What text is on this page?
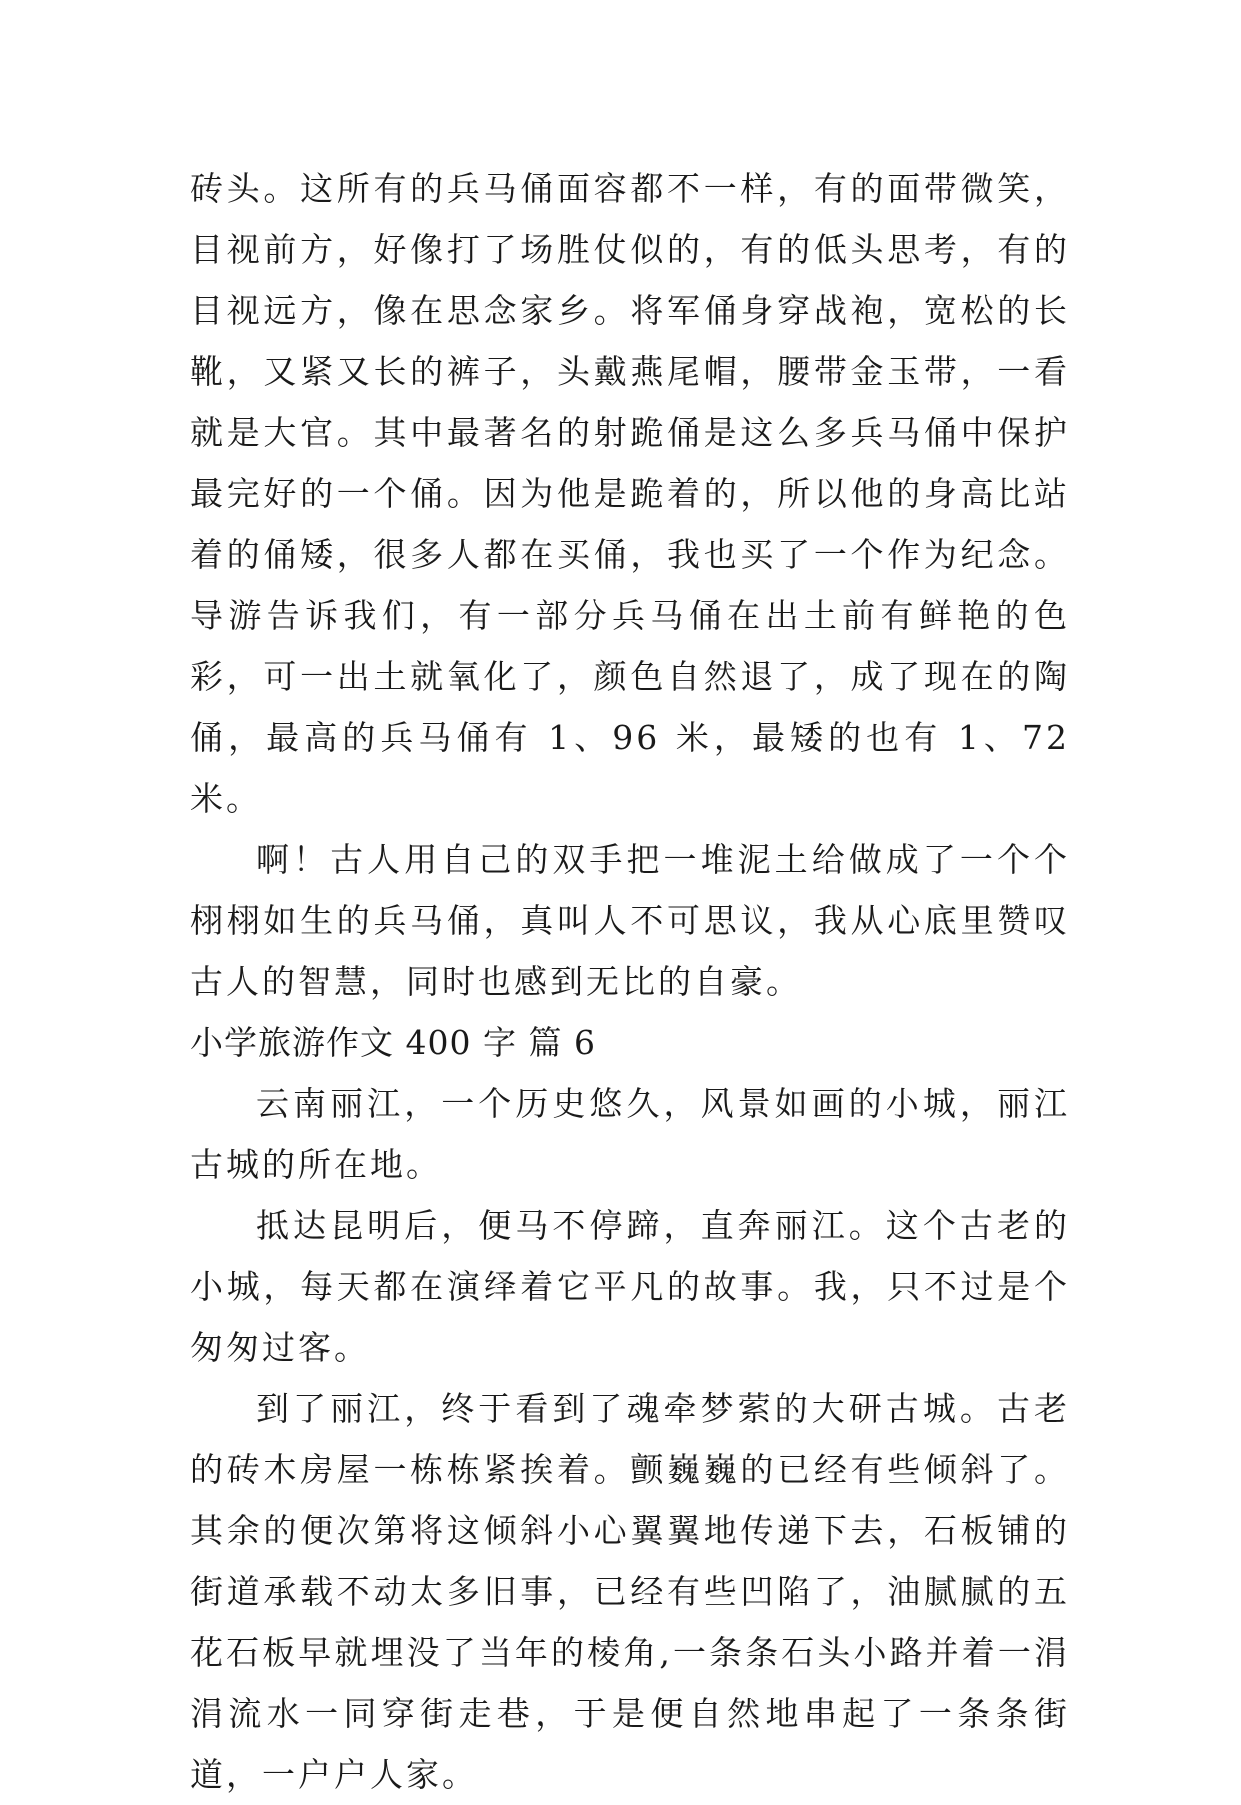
砖头。这所有的兵马俑面容都不一样，有的面带微笑，目视前方，好像打了场胜仗似的，有的低头思考，有的目视远方，像在思念家乡。将军俑身穿战袍，宽松的长靴，又紧又长的裤子，头戴燕尾帽，腰带金玉带，一看就是大官。其中最著名的射跪俑是这么多兵马俑中保护最完好的一个俑。因为他是跪着的，所以他的身高比站着的俑矮，很多人都在买俑，我也买了一个作为纪念。导游告诉我们，有一部分兵马俑在出土前有鲜艳的色彩，可一出土就氧化了，颜色自然退了，成了现在的陶俑，最高的兵马俑有 1、96 米，最矮的也有 1、72 米。

啊！古人用自己的双手把一堆泥土给做成了一个个栩栩如生的兵马俑，真叫人不可思议，我从心底里赞叹古人的智慧，同时也感到无比的自豪。

小学旅游作文 400 字 篇 6

云南丽江，一个历史悠久，风景如画的小城，丽江古城的所在地。

抵达昆明后，便马不停蹄，直奔丽江。这个古老的小城，每天都在演绎着它平凡的故事。我，只不过是个匆匆过客。

到了丽江，终于看到了魂牵梦萦的大研古城。古老的砖木房屋一栋栋紧挨着。颤巍巍的已经有些倾斜了。其余的便次第将这倾斜小心翼翼地传递下去，石板铺的街道承载不动太多旧事，已经有些凹陷了，油腻腻的五花石板早就埋没了当年的棱角,一条条石头小路并着一涓涓流水一同穿街走巷，于是便自然地串起了一条条街道，一户户人家。
